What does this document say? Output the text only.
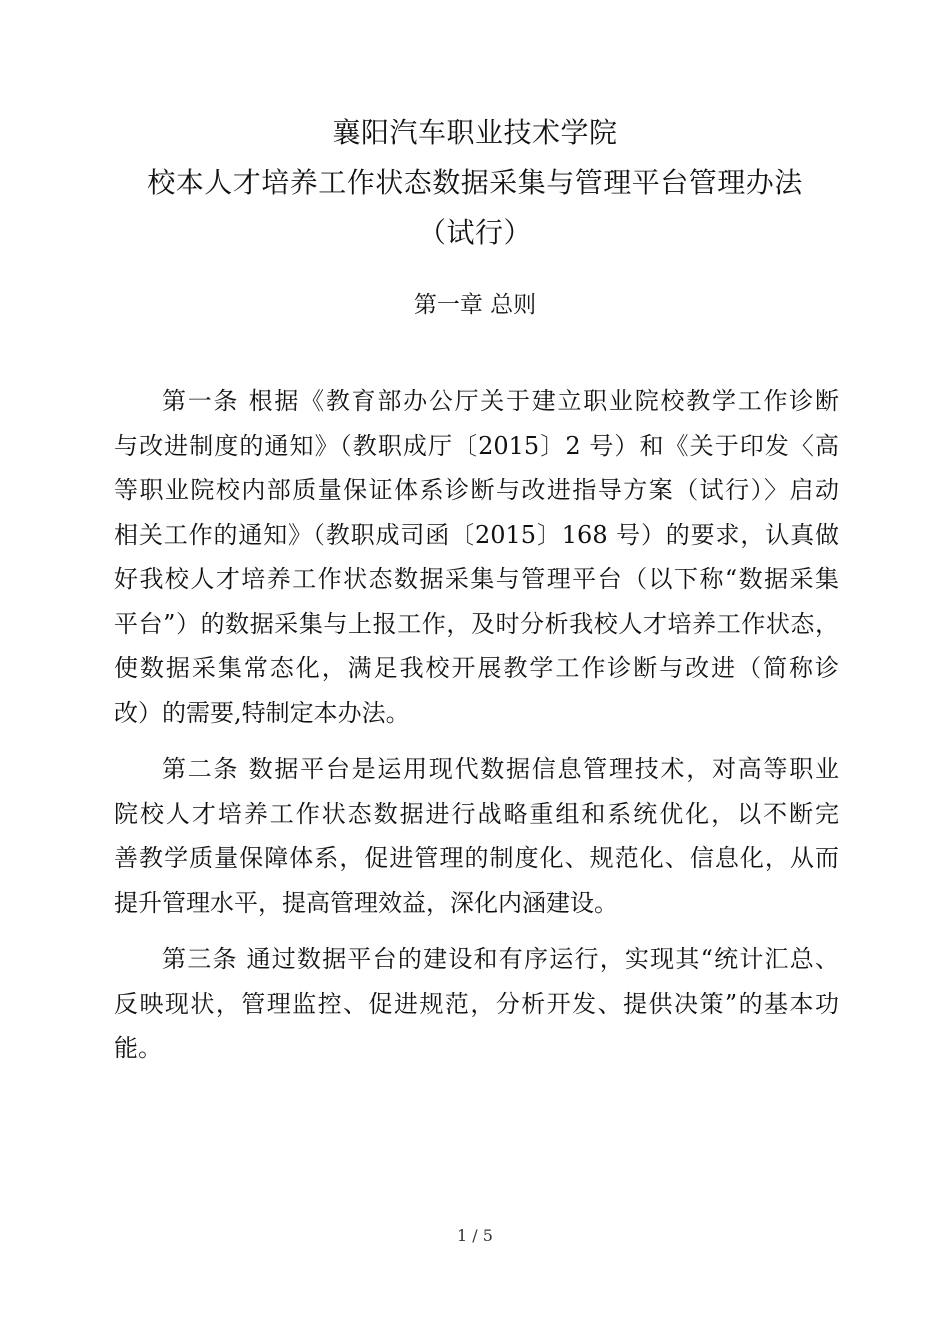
襄阳汽车职业技术学院
校本人才培养工作状态数据采集与管理平台管理办法
（试行）
第一章 总则
第一条 根据《教育部办公厅关于建立职业院校教学工作诊断
与改进制度的通知》（教职成厅〔2015〕2 号）和《关于印发〈高
等职业院校内部质量保证体系诊断与改进指导方案（试行）〉启动
相关工作的通知》（教职成司函〔2015〕168 号）的要求，认真做
好我校人才培养工作状态数据采集与管理平台（以下称“数据采集
平台”）的数据采集与上报工作，及时分析我校人才培养工作状态，
使数据采集常态化，满足我校开展教学工作诊断与改进（简称诊
改）的需要,特制定本办法。
第二条 数据平台是运用现代数据信息管理技术，对高等职业
院校人才培养工作状态数据进行战略重组和系统优化，以不断完
善教学质量保障体系，促进管理的制度化、规范化、信息化，从而
提升管理水平，提高管理效益，深化内涵建设。
第三条 通过数据平台的建设和有序运行，实现其“统计汇总、
反映现状，管理监控、促进规范，分析开发、提供决策”的基本功
能。
1 / 5
